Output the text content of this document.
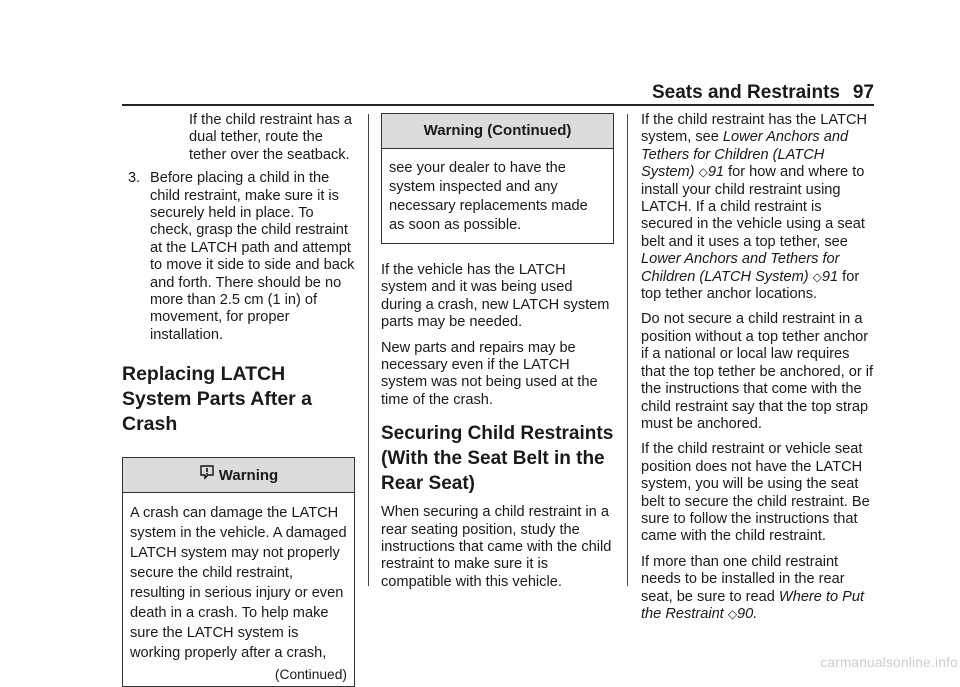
Seats and Restraints 97

If the child restraint has a dual tether, route the tether over the seatback.

3. Before placing a child in the child restraint, make sure it is securely held in place. To check, grasp the child restraint at the LATCH path and attempt to move it side to side and back and forth. There should be no more than 2.5 cm (1 in) of movement, for proper installation.
Replacing LATCH System Parts After a Crash
Warning
A crash can damage the LATCH system in the vehicle. A damaged LATCH system may not properly secure the child restraint, resulting in serious injury or even death in a crash. To help make sure the LATCH system is working properly after a crash,
(Continued)
Warning (Continued)
see your dealer to have the system inspected and any necessary replacements made as soon as possible.

If the vehicle has the LATCH system and it was being used during a crash, new LATCH system parts may be needed.

New parts and repairs may be necessary even if the LATCH system was not being used at the time of the crash.

Securing Child Restraints (With the Seat Belt in the Rear Seat)

When securing a child restraint in a rear seating position, study the instructions that came with the child restraint to make sure it is compatible with this vehicle.

If the child restraint has the LATCH system, see Lower Anchors and Tethers for Children (LATCH System) ◇91 for how and where to install your child restraint using LATCH. If a child restraint is secured in the vehicle using a seat belt and it uses a top tether, see Lower Anchors and Tethers for Children (LATCH System) ◇91 for top tether anchor locations.

Do not secure a child restraint in a position without a top tether anchor if a national or local law requires that the top tether be anchored, or if the instructions that come with the child restraint say that the top strap must be anchored.

If the child restraint or vehicle seat position does not have the LATCH system, you will be using the seat belt to secure the child restraint. Be sure to follow the instructions that came with the child restraint.

If more than one child restraint needs to be installed in the rear seat, be sure to read Where to Put the Restraint ◇90.

carmanualsonline.info
